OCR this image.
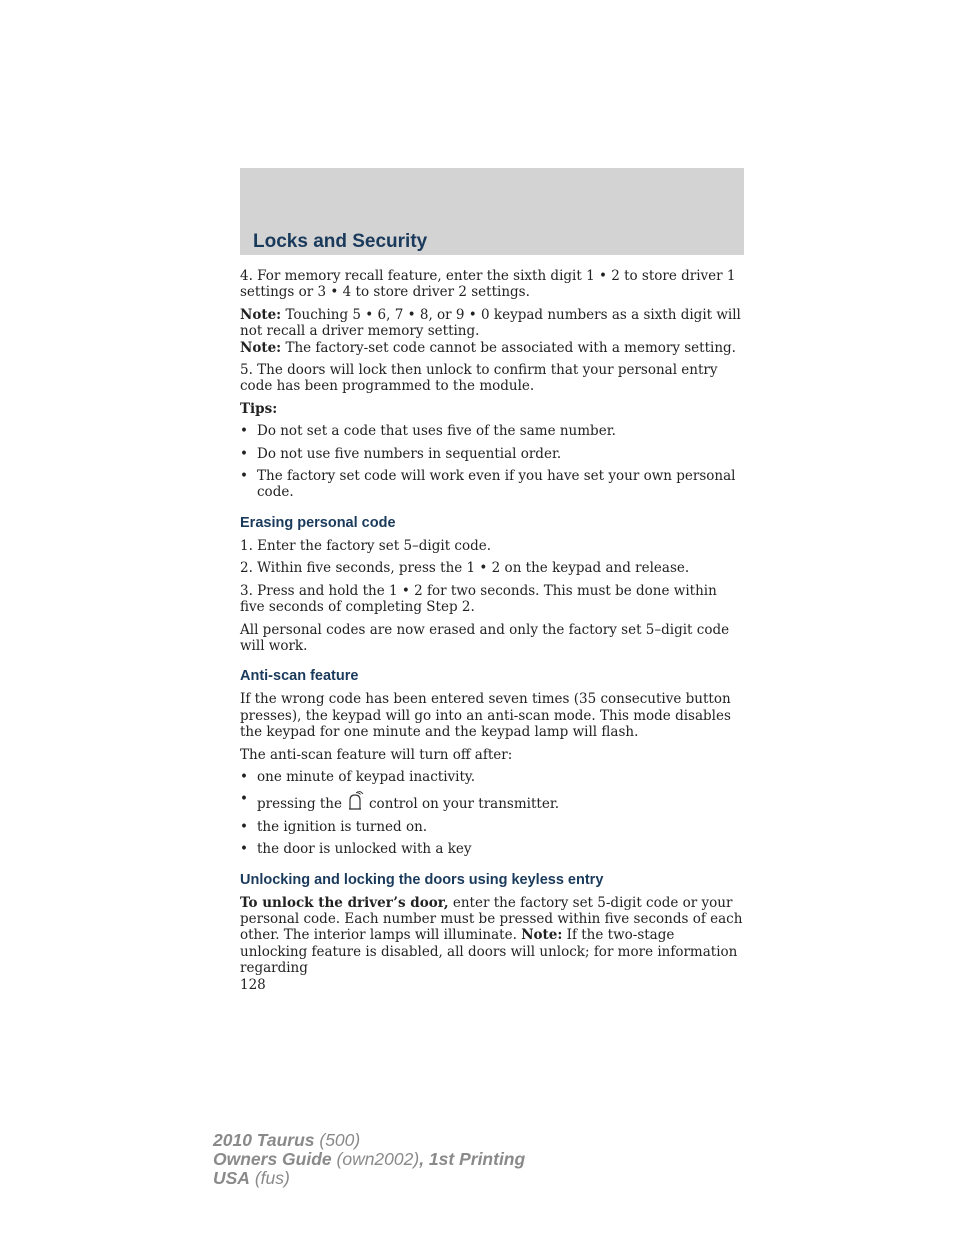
Locks and Security

4. For memory recall feature, enter the sixth digit 1 • 2 to store driver 1 settings or 3 • 4 to store driver 2 settings.

Note: Touching 5 • 6, 7 • 8, or 9 • 0 keypad numbers as a sixth digit will not recall a driver memory setting.

Note: The factory-set code cannot be associated with a memory setting.

5. The doors will lock then unlock to confirm that your personal entry code has been programmed to the module.

Tips:

• Do not set a code that uses five of the same number.
• Do not use five numbers in sequential order.
• The factory set code will work even if you have set your own personal code.
Erasing personal code

1. Enter the factory set 5–digit code.

2. Within five seconds, press the 1 • 2 on the keypad and release.

3. Press and hold the 1 • 2 for two seconds. This must be done within five seconds of completing Step 2.

All personal codes are now erased and only the factory set 5–digit code will work.

Anti-scan feature

If the wrong code has been entered seven times (35 consecutive button presses), the keypad will go into an anti-scan mode. This mode disables the keypad for one minute and the keypad lamp will flash.

The anti-scan feature will turn off after:

• one minute of keypad inactivity.
• pressing the control on your transmitter.
• the ignition is turned on.
• the door is unlocked with a key
Unlocking and locking the doors using keyless entry

To unlock the driver’s door, enter the factory set 5-digit code or your personal code. Each number must be pressed within five seconds of each other. The interior lamps will illuminate. Note: If the two-stage unlocking feature is disabled, all doors will unlock; for more information regarding

128

2010 Taurus (500)
Owners Guide (own2002), 1st Printing
USA (fus)
